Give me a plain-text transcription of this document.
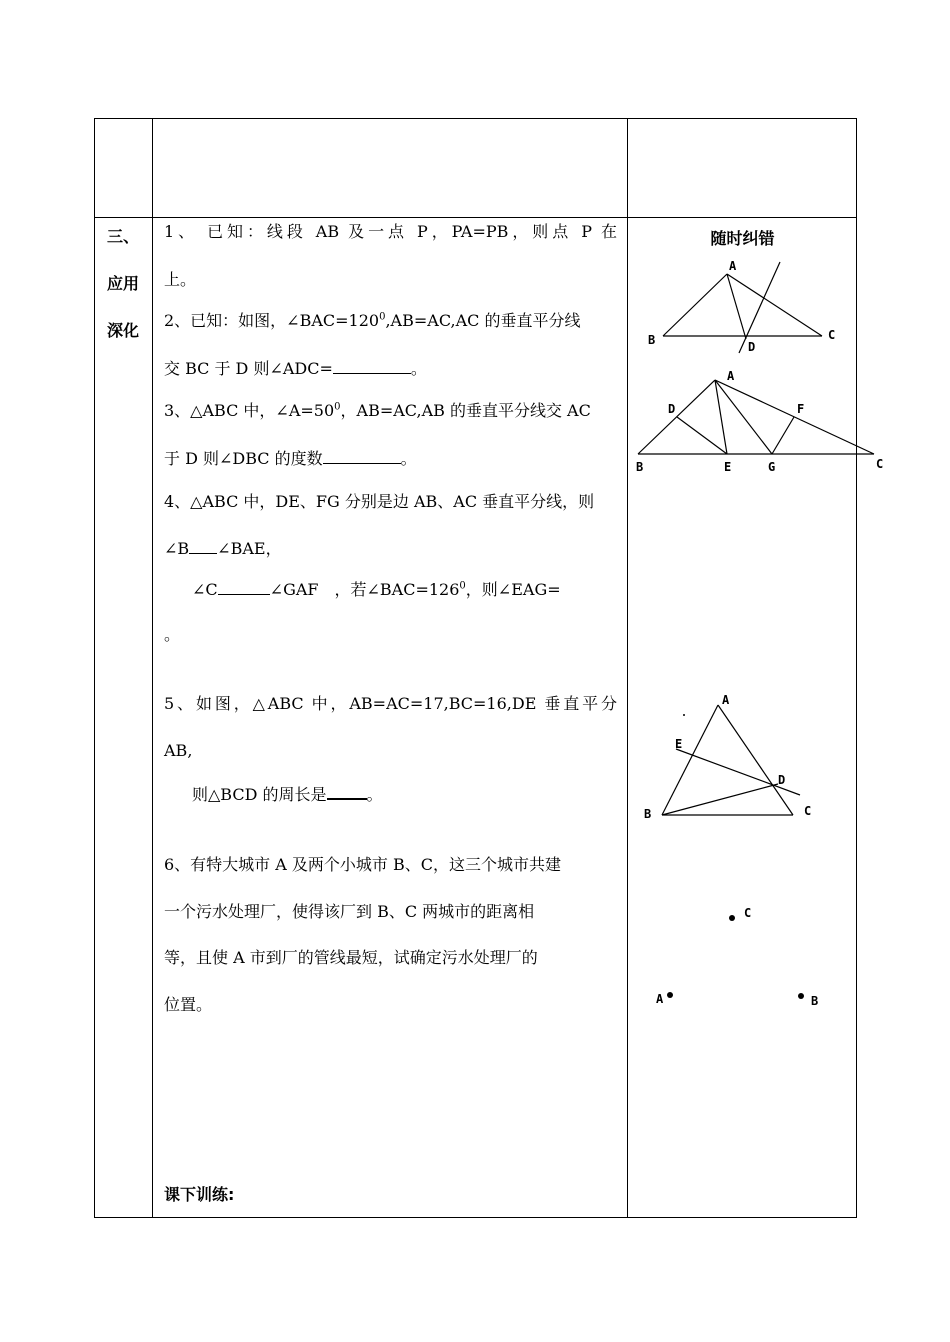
三、
应用
深化
1、 已知：线段 AB 及一点 P，PA=PB，则点 P 在
上。
2、已知：如图，$\angle BAC=120^0,AB=AC,AC$ 的垂直平分线
交 BC 于 D 则∠ADC=	。
3、△ABC 中，$\angle A=50^0$，AB=AC,AB 的垂直平分线交 AC
于 D 则∠DBC 的度数	。
4、△ABC 中，DE、FG 分别是边 AB、AC 垂直平分线，则
∠B ∠BAE，
∠C	∠GAF　，若$\angle BAC=126^0$，则∠EAG=
。
5、如图，△ABC 中，AB=AC=17,BC=16,DE 垂直平分
AB,
则△BCD 的周长是	。
6、有特大城市 A 及两个小城市 B、C，这三个城市共建
一个污水处理厂，使得该厂到 B、C 两城市的距离相
等，且使 A 市到厂的管线最短，试确定污水处理厂的
位置。
课下训练:
随时纠错
A
B	C
D
A
B	C
D
E
F
G
A
B	C
D
E
C
A	B
